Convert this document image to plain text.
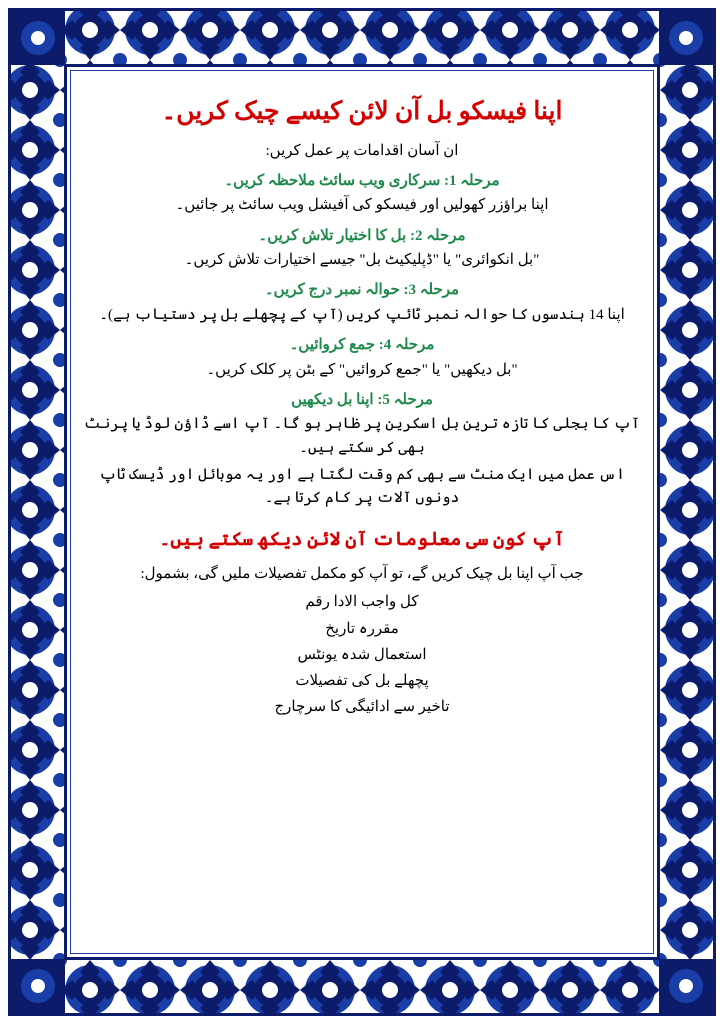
اپنا فیسکو بل آن لائن کیسے چیک کریں۔

ان آسان اقدامات پر عمل کریں:

مرحلہ 1: سرکاری ویب سائٹ ملاحظہ کریں۔

اپنا براؤزر کھولیں اور فیسکو کی آفیشل ویب سائٹ پر جائیں۔

مرحلہ 2: بل کا اختیار تلاش کریں۔

"بل انکوائری" یا "ڈپلیکیٹ بل" جیسے اختیارات تلاش کریں۔

مرحلہ 3: حوالہ نمبر درج کریں۔

اپنا 14 ہندسوں کا حوالہ نمبر ٹائپ کریں (آپ کے پچھلے بل پر دستیاب ہے)۔

مرحلہ 4: جمع کروائیں۔

"بل دیکھیں" یا "جمع کروائیں" کے بٹن پر کلک کریں۔

مرحلہ 5: اپنا بل دیکھیں

آپ کا بجلی کا تازہ ترین بل اسکرین پر ظاہر ہو گا۔ آپ اسے ڈاؤن لوڈ یا پرنٹ بھی کر سکتے ہیں۔

اس عمل میں ایک منٹ سے بھی کم وقت لگتا ہے اور یہ موبائل اور ڈیسک ٹاپ دونوں آلات پر کام کرتا ہے۔

آپ کون سی معلومات آن لائن دیکھ سکتے ہیں۔

جب آپ اپنا بل چیک کریں گے، تو آپ کو مکمل تفصیلات ملیں گی، بشمول:

کل واجب الادا رقم

مقررہ تاریخ

استعمال شدہ یونٹس

پچھلے بل کی تفصیلات

تاخیر سے ادائیگی کا سرچارج
